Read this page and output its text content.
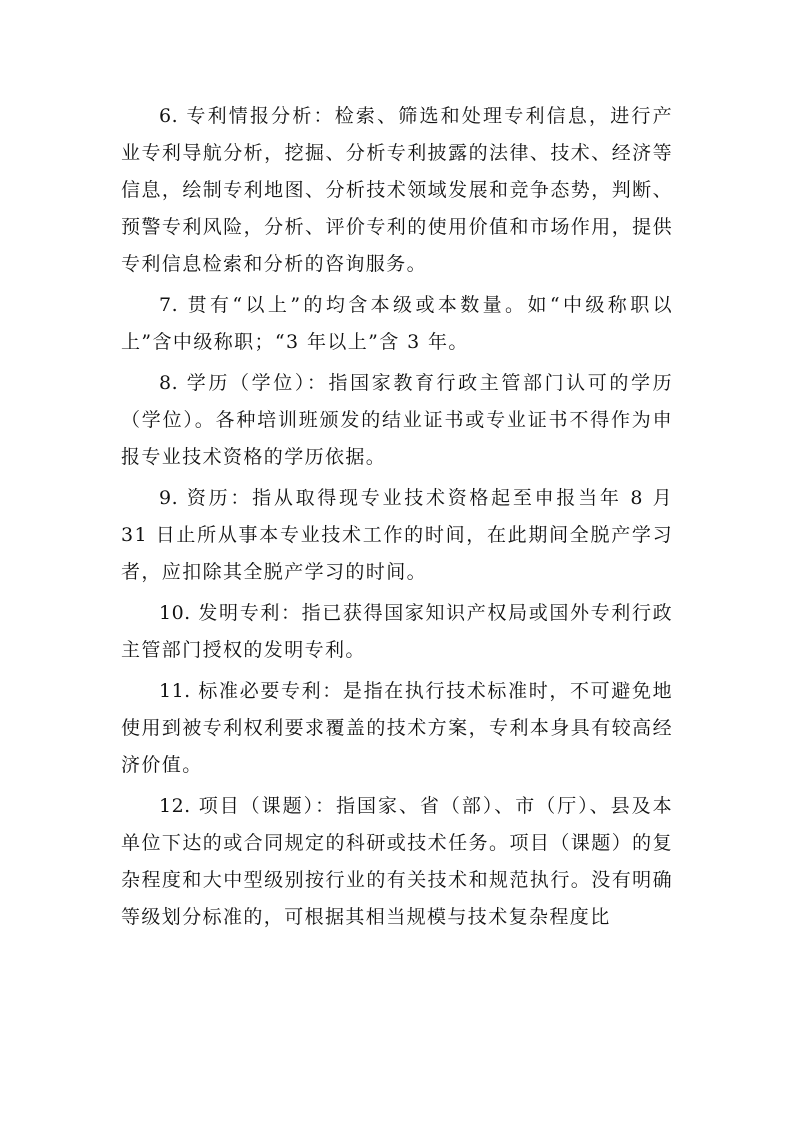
6. 专利情报分析：检索、筛选和处理专利信息，进行产业专利导航分析，挖掘、分析专利披露的法律、技术、经济等信息，绘制专利地图、分析技术领域发展和竞争态势，判断、预警专利风险，分析、评价专利的使用价值和市场作用，提供专利信息检索和分析的咨询服务。

7. 贯有“以上”的均含本级或本数量。如“中级称职以上”含中级称职；“3 年以上”含 3 年。

8. 学历（学位）：指国家教育行政主管部门认可的学历（学位）。各种培训班颁发的结业证书或专业证书不得作为申报专业技术资格的学历依据。

9. 资历：指从取得现专业技术资格起至申报当年 8 月 31 日止所从事本专业技术工作的时间，在此期间全脱产学习者，应扣除其全脱产学习的时间。

10. 发明专利：指已获得国家知识产权局或国外专利行政主管部门授权的发明专利。

11. 标准必要专利：是指在执行技术标准时，不可避免地使用到被专利权利要求覆盖的技术方案，专利本身具有较高经济价值。

12. 项目（课题）：指国家、省（部）、市（厅）、县及本单位下达的或合同规定的科研或技术任务。项目（课题）的复杂程度和大中型级别按行业的有关技术和规范执行。没有明确等级划分标准的，可根据其相当规模与技术复杂程度比
